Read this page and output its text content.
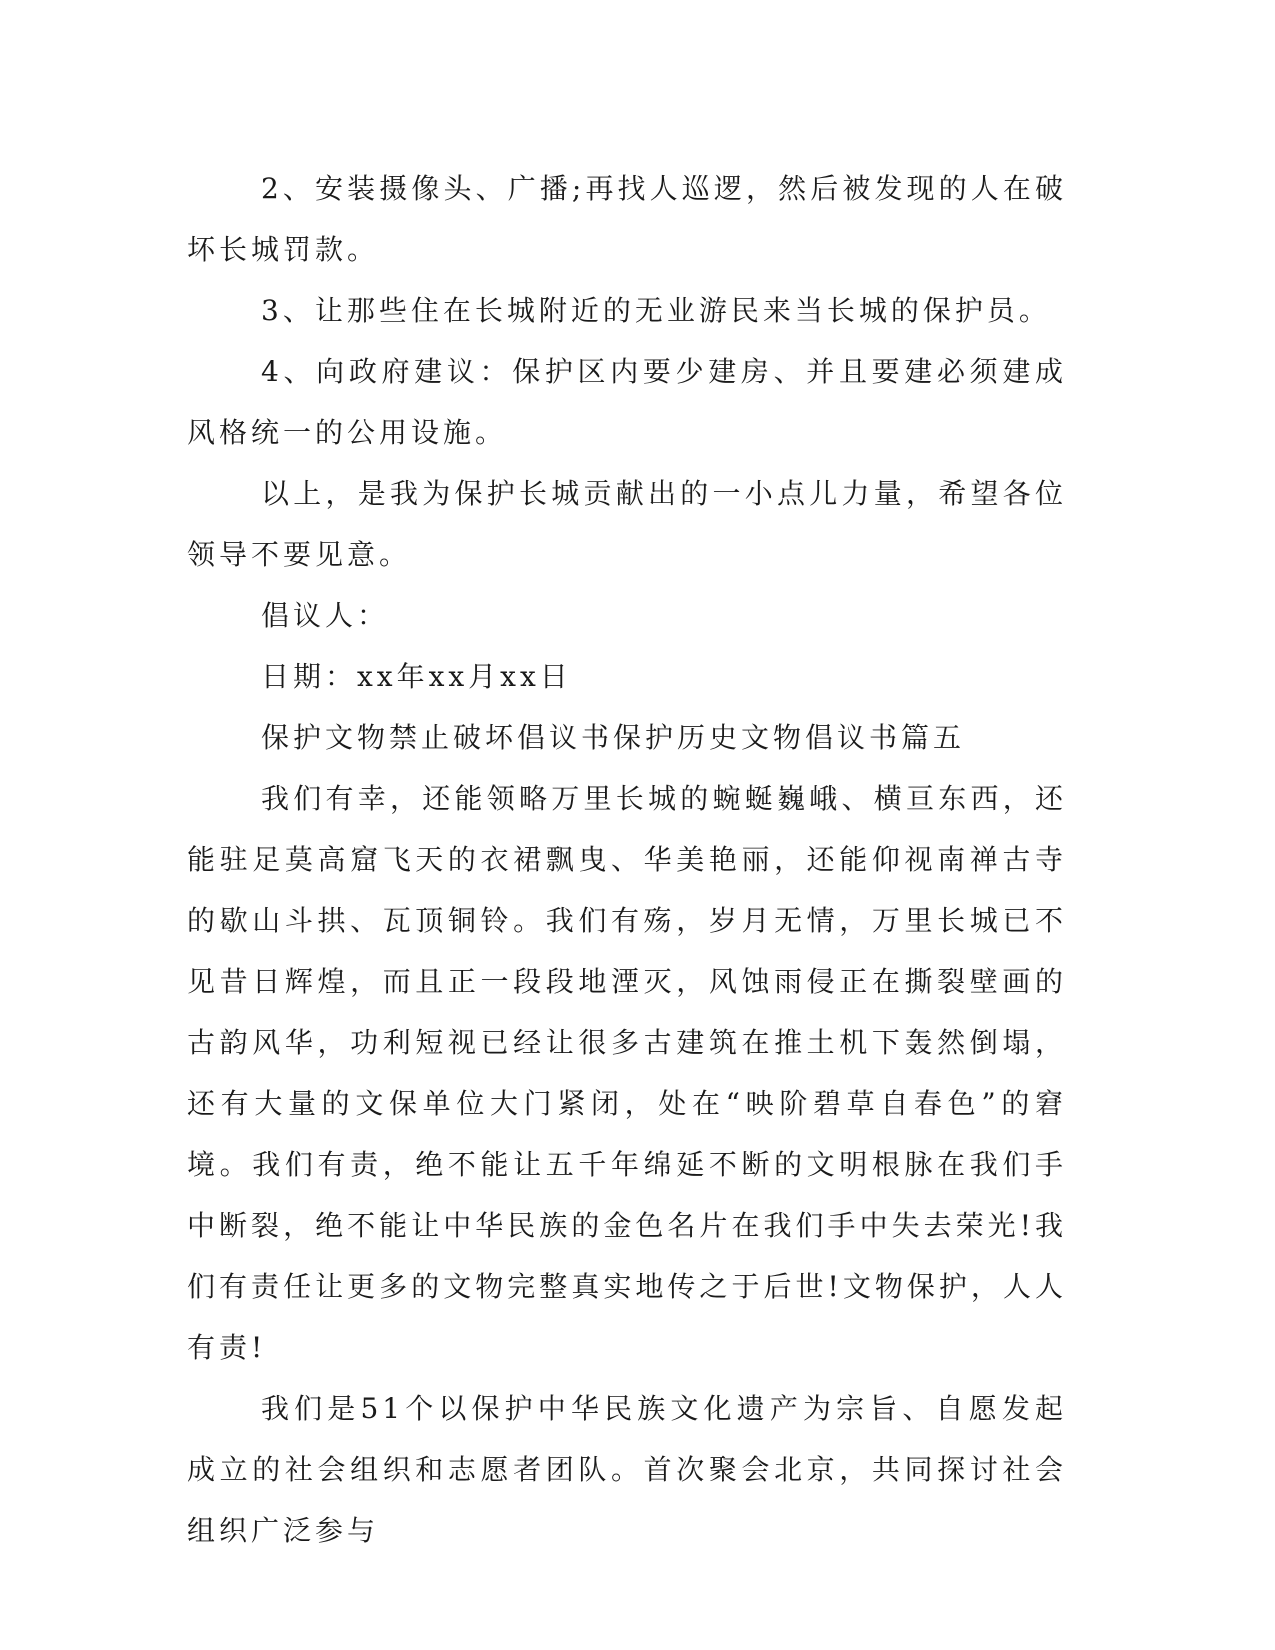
2、安装摄像头、广播;再找人巡逻，然后被发现的人在破坏长城罚款。

3、让那些住在长城附近的无业游民来当长城的保护员。

4、向政府建议：保护区内要少建房、并且要建必须建成风格统一的公用设施。

以上，是我为保护长城贡献出的一小点儿力量，希望各位领导不要见意。

倡议人：

日期：xx年xx月xx日

保护文物禁止破坏倡议书保护历史文物倡议书篇五

我们有幸，还能领略万里长城的蜿蜒巍峨、横亘东西，还能驻足莫高窟飞天的衣裙飘曳、华美艳丽，还能仰视南禅古寺的歇山斗拱、瓦顶铜铃。我们有殇，岁月无情，万里长城已不见昔日辉煌，而且正一段段地湮灭，风蚀雨侵正在撕裂壁画的古韵风华，功利短视已经让很多古建筑在推土机下轰然倒塌，还有大量的文保单位大门紧闭，处在“映阶碧草自春色”的窘境。我们有责，绝不能让五千年绵延不断的文明根脉在我们手中断裂，绝不能让中华民族的金色名片在我们手中失去荣光!我们有责任让更多的文物完整真实地传之于后世!文物保护，人人有责!

我们是51个以保护中华民族文化遗产为宗旨、自愿发起成立的社会组织和志愿者团队。首次聚会北京，共同探讨社会组织广泛参与
